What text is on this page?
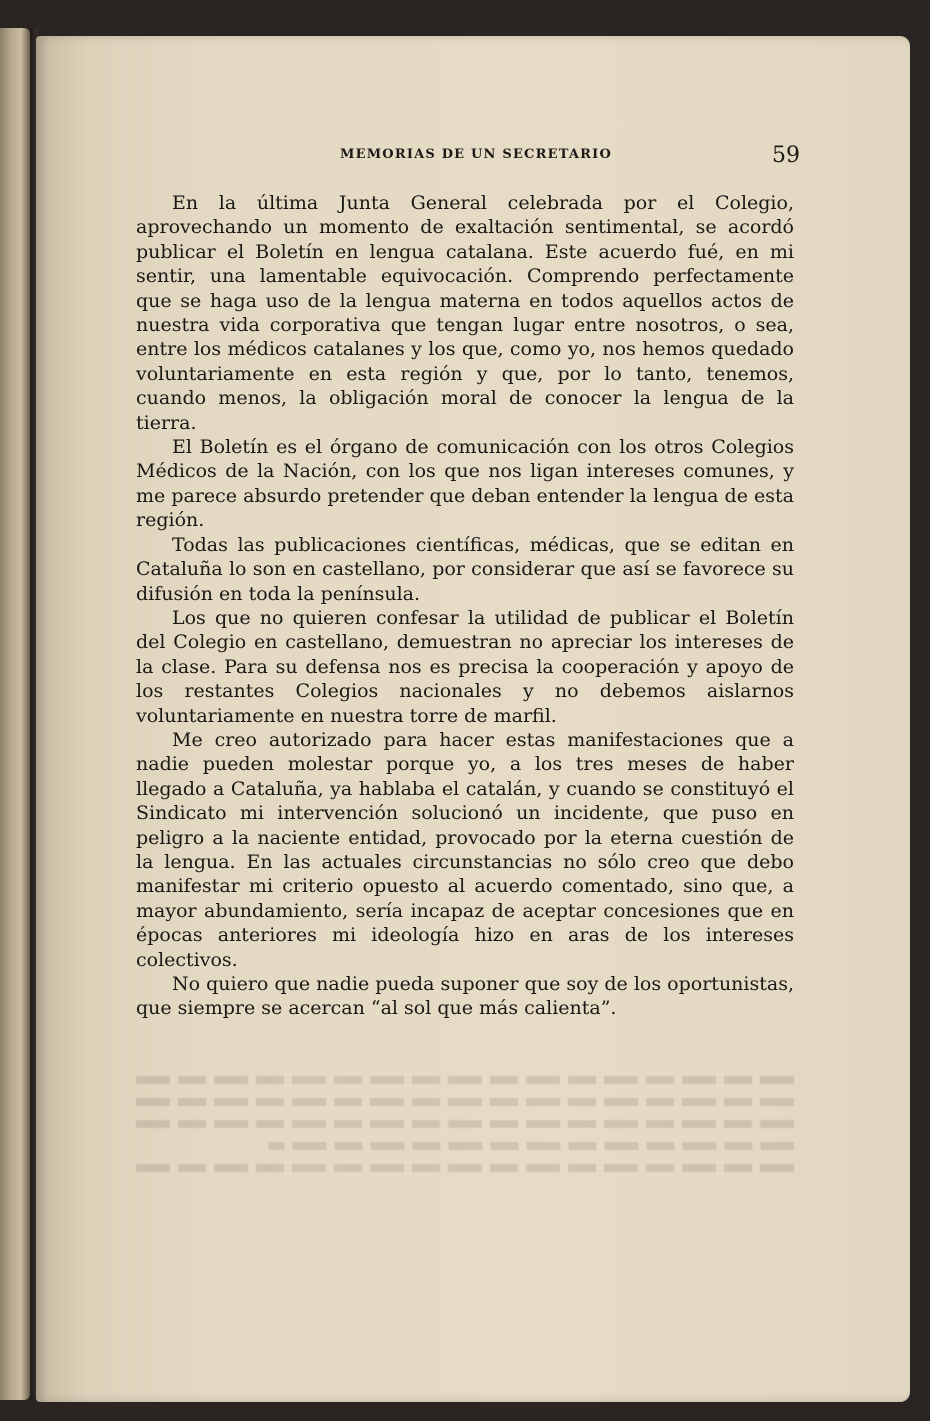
MEMORIAS DE UN SECRETARIO	59

En la última Junta General celebrada por el Colegio, aprovechando un momento de exaltación sentimental, se acordó publicar el Boletín en lengua catalana. Este acuerdo fué, en mi sentir, una lamentable equivocación. Comprendo perfectamente que se haga uso de la lengua materna en todos aquellos actos de nuestra vida corporativa que tengan lugar entre nosotros, o sea, entre los médicos catalanes y los que, como yo, nos hemos quedado voluntariamente en esta región y que, por lo tanto, tenemos, cuando menos, la obligación moral de conocer la lengua de la tierra.

El Boletín es el órgano de comunicación con los otros Colegios Médicos de la Nación, con los que nos ligan intereses comunes, y me parece absurdo pretender que deban entender la lengua de esta región.

Todas las publicaciones científicas, médicas, que se editan en Cataluña lo son en castellano, por considerar que así se favorece su difusión en toda la península.

Los que no quieren confesar la utilidad de publicar el Boletín del Colegio en castellano, demuestran no apreciar los intereses de la clase. Para su defensa nos es precisa la cooperación y apoyo de los restantes Colegios nacionales y no debemos aislarnos voluntariamente en nuestra torre de marfil.

Me creo autorizado para hacer estas manifestaciones que a nadie pueden molestar porque yo, a los tres meses de haber llegado a Cataluña, ya hablaba el catalán, y cuando se constituyó el Sindicato mi intervención solucionó un incidente, que puso en peligro a la naciente entidad, provocado por la eterna cuestión de la lengua. En las actuales circunstancias no sólo creo que debo manifestar mi criterio opuesto al acuerdo comentado, sino que, a mayor abundamiento, sería incapaz de aceptar concesiones que en épocas anteriores mi ideología hizo en aras de los intereses colectivos.

No quiero que nadie pueda suponer que soy de los oportunistas, que siempre se acercan “al sol que más calienta”.
